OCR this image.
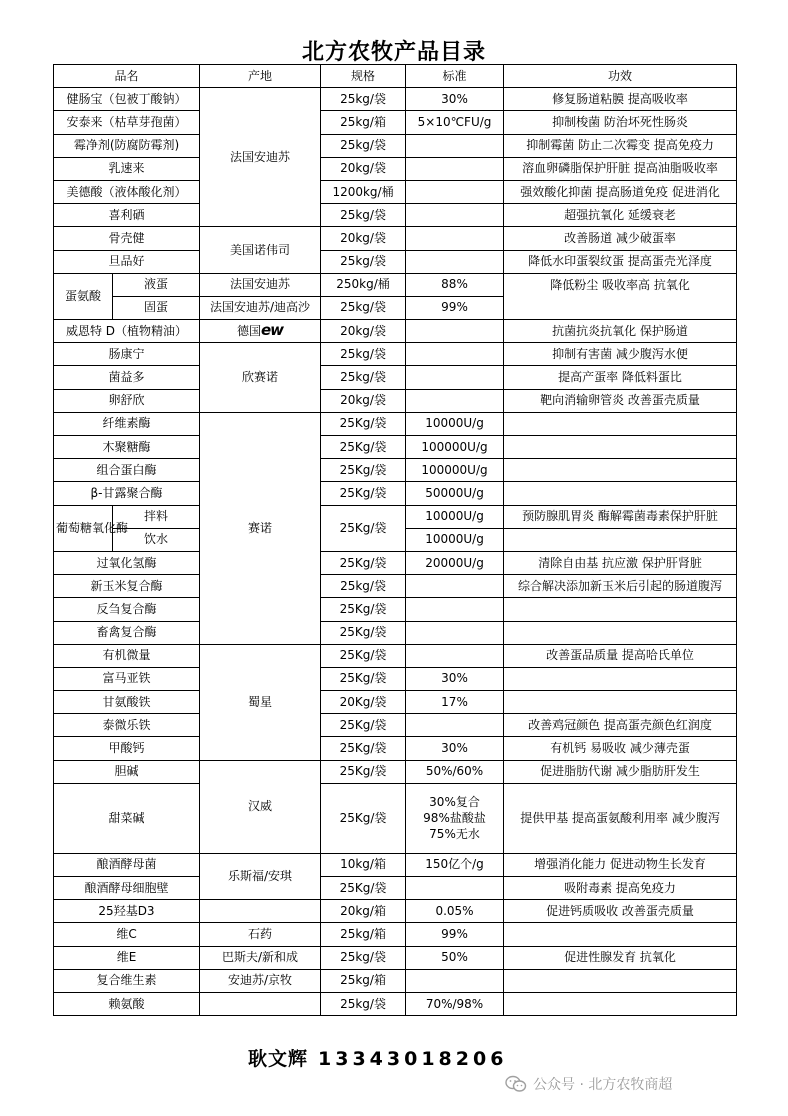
北方农牧产品目录
品名		产地	规格	标准	功效
健肠宝（包被丁酸钠）		法国安迪苏	25kg/袋	30%	修复肠道粘膜 提高吸收率
安泰来（枯草芽孢菌）			25kg/箱	5×10℃FU/g	抑制梭菌 防治坏死性肠炎
霉净剂(防腐防霉剂)			25kg/袋		抑制霉菌 防止二次霉变 提高免疫力
乳速来			20kg/袋		溶血卵磷脂保护肝脏 提高油脂吸收率
美德酸（液体酸化剂）			1200kg/桶		强效酸化抑菌 提高肠道免疫 促进消化
喜利硒			25kg/袋		超强抗氧化 延缓衰老
骨壳健		美国诺伟司	20kg/袋		改善肠道 减少破蛋率
旦品好			25kg/袋		降低水印蛋裂纹蛋 提高蛋壳光泽度
蛋氨酸	液蛋	法国安迪苏	250kg/桶	88%	降低粉尘 吸收率高 抗氧化
	固蛋	法国安迪苏/迪高沙	25kg/袋	99%	
威恩特 D（植物精油）		德国ew	20kg/袋		抗菌抗炎抗氧化 保护肠道
肠康宁		欣赛诺	25kg/袋		抑制有害菌 减少腹泻水便
菌益多			25kg/袋		提高产蛋率 降低料蛋比
卵舒欣			20kg/袋		靶向消输卵管炎 改善蛋壳质量
纤维素酶		赛诺	25Kg/袋	10000U/g	
木聚糖酶			25Kg/袋	100000U/g	
组合蛋白酶			25Kg/袋	100000U/g	
β-甘露聚合酶			25Kg/袋	50000U/g	
葡萄糖氧化酶	拌料		25Kg/袋	10000U/g	预防腺肌胃炎 酶解霉菌毒素保护肝脏
	饮水			10000U/g	
过氧化氢酶			25Kg/袋	20000U/g	清除自由基 抗应激 保护肝肾脏
新玉米复合酶			25kg/袋		综合解决添加新玉米后引起的肠道腹泻
反刍复合酶			25Kg/袋		
畜禽复合酶			25Kg/袋		
有机微量		蜀星	25Kg/袋		改善蛋品质量 提高哈氏单位
富马亚铁			25Kg/袋	30%	
甘氨酸铁			20Kg/袋	17%	
泰微乐铁			25Kg/袋		改善鸡冠颜色 提高蛋壳颜色红润度
甲酸钙			25Kg/袋	30%	有机钙 易吸收 减少薄壳蛋
胆碱		汉威	25Kg/袋	50%/60%	促进脂肪代谢 减少脂肪肝发生
甜菜碱			25Kg/袋	30%复合
98%盐酸盐
75%无水	提供甲基 提高蛋氨酸利用率 减少腹泻
酿酒酵母菌		乐斯福/安琪	10kg/箱	150亿个/g	增强消化能力 促进动物生长发育
酿酒酵母细胞壁			25Kg/袋		吸附毒素 提高免疫力
25羟基D3			20kg/箱	0.05%	促进钙质吸收 改善蛋壳质量
维C		石药	25kg/箱	99%	
维E		巴斯夫/新和成	25kg/袋	50%	促进性腺发育 抗氧化
复合维生素		安迪苏/京牧	25kg/箱		
赖氨酸			25kg/袋	70%/98%	
耿文辉 13343018206
公众号 · 北方农牧商超
